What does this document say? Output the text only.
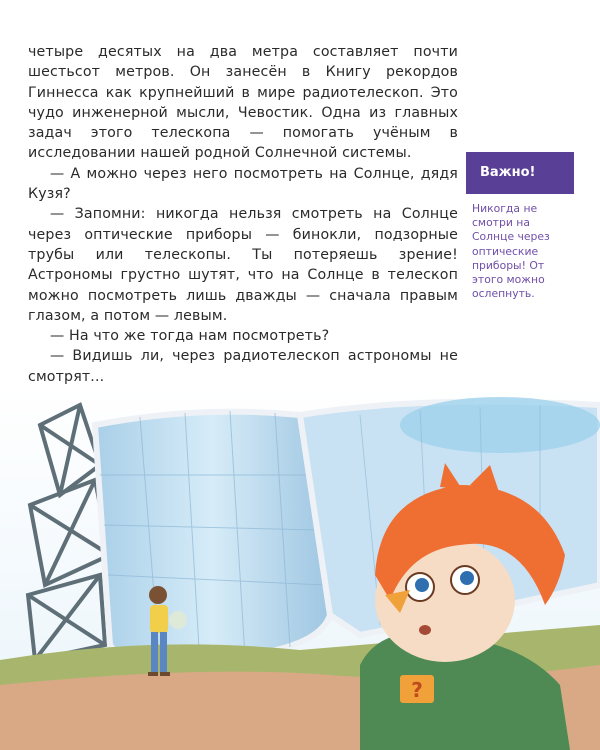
четыре десятых на два метра составляет почти шестьсот метров. Он занесён в Книгу рекордов Гиннесса как крупнейший в мире радиотелескоп. Это чудо инженерной мысли, Чевостик. Одна из главных задач этого телескопа — помогать учёным в исследовании нашей родной Солнечной системы.

— А можно через него посмотреть на Солнце, дядя Кузя?

— Запомни: никогда нельзя смотреть на Солнце через оптические приборы — бинокли, подзорные трубы или телескопы. Ты потеряешь зрение! Астрономы грустно шутят, что на Солнце в телескоп можно посмотреть лишь дважды — сначала правым глазом, а потом — левым.

— На что же тогда нам посмотреть?

— Видишь ли, через радиотелескоп астрономы не смотрят...

Важно!
Никогда не смотри на Солнце через оптические приборы! От этого можно ослепнуть.
?
